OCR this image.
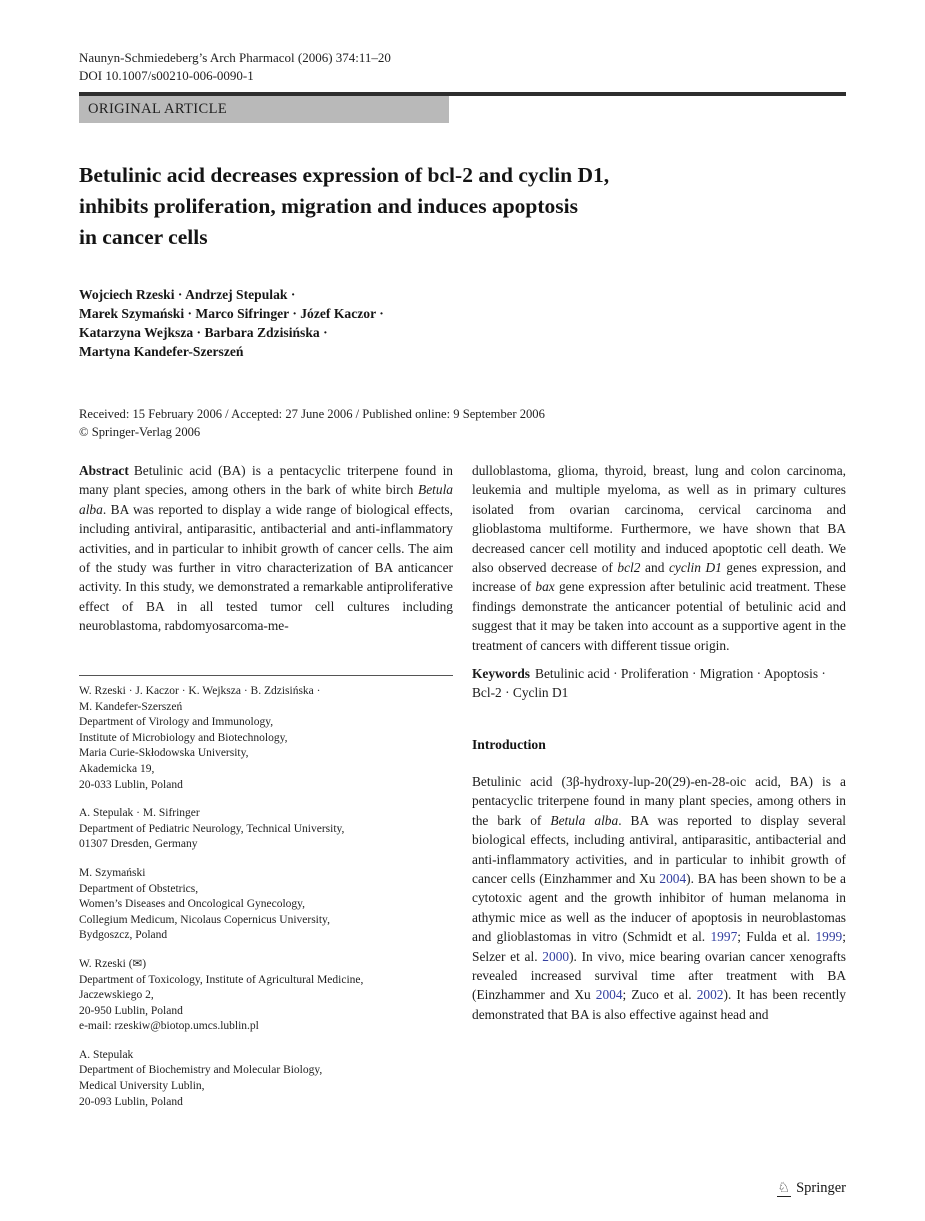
Naunyn-Schmiedeberg’s Arch Pharmacol (2006) 374:11–20
DOI 10.1007/s00210-006-0090-1
ORIGINAL ARTICLE
Betulinic acid decreases expression of bcl-2 and cyclin D1,
inhibits proliferation, migration and induces apoptosis
in cancer cells
Wojciech Rzeski · Andrzej Stepulak ·
Marek Szymański · Marco Sifringer · Józef Kaczor ·
Katarzyna Wejksza · Barbara Zdzisińska ·
Martyna Kandefer-Szerszeń
Received: 15 February 2006 / Accepted: 27 June 2006 / Published online: 9 September 2006
© Springer-Verlag 2006

Abstract Betulinic acid (BA) is a pentacyclic triterpene found in many plant species, among others in the bark of white birch Betula alba. BA was reported to display a wide range of biological effects, including antiviral, antiparasitic, antibacterial and anti-inflammatory activities, and in particular to inhibit growth of cancer cells. The aim of the study was further in vitro characterization of BA anticancer activity. In this study, we demonstrated a remarkable antiproliferative effect of BA in all tested tumor cell cultures including neuroblastoma, rabdomyosarcoma-me-

dulloblastoma, glioma, thyroid, breast, lung and colon carcinoma, leukemia and multiple myeloma, as well as in primary cultures isolated from ovarian carcinoma, cervical carcinoma and glioblastoma multiforme. Furthermore, we have shown that BA decreased cancer cell motility and induced apoptotic cell death. We also observed decrease of bcl2 and cyclin D1 genes expression, and increase of bax gene expression after betulinic acid treatment. These findings demonstrate the anticancer potential of betulinic acid and suggest that it may be taken into account as a supportive agent in the treatment of cancers with different tissue origin.

Keywords Betulinic acid · Proliferation · Migration · Apoptosis · Bcl-2 · Cyclin D1

Introduction

Betulinic acid (3β-hydroxy-lup-20(29)-en-28-oic acid, BA) is a pentacyclic triterpene found in many plant species, among others in the bark of Betula alba. BA was reported to display several biological effects, including antiviral, antiparasitic, antibacterial and anti-inflammatory activities, and in particular to inhibit growth of cancer cells (Einzhammer and Xu 2004). BA has been shown to be a cytotoxic agent and the growth inhibitor of human melanoma in athymic mice as well as the inducer of apoptosis in neuroblastomas and glioblastomas in vitro (Schmidt et al. 1997; Fulda et al. 1999; Selzer et al. 2000). In vivo, mice bearing ovarian cancer xenografts revealed increased survival time after treatment with BA (Einzhammer and Xu 2004; Zuco et al. 2002). It has been recently demonstrated that BA is also effective against head and

W. Rzeski · J. Kaczor · K. Wejksza · B. Zdzisińska ·
M. Kandefer-Szerszeń
Department of Virology and Immunology,
Institute of Microbiology and Biotechnology,
Maria Curie-Skłodowska University,
Akademicka 19,
20-033 Lublin, Poland
A. Stepulak · M. Sifringer
Department of Pediatric Neurology, Technical University,
01307 Dresden, Germany
M. Szymański
Department of Obstetrics,
Women’s Diseases and Oncological Gynecology,
Collegium Medicum, Nicolaus Copernicus University,
Bydgoszcz, Poland
W. Rzeski (✉)
Department of Toxicology, Institute of Agricultural Medicine,
Jaczewskiego 2,
20-950 Lublin, Poland
e-mail: rzeskiw@biotop.umcs.lublin.pl
A. Stepulak
Department of Biochemistry and Molecular Biology,
Medical University Lublin,
20-093 Lublin, Poland
♘ Springer
